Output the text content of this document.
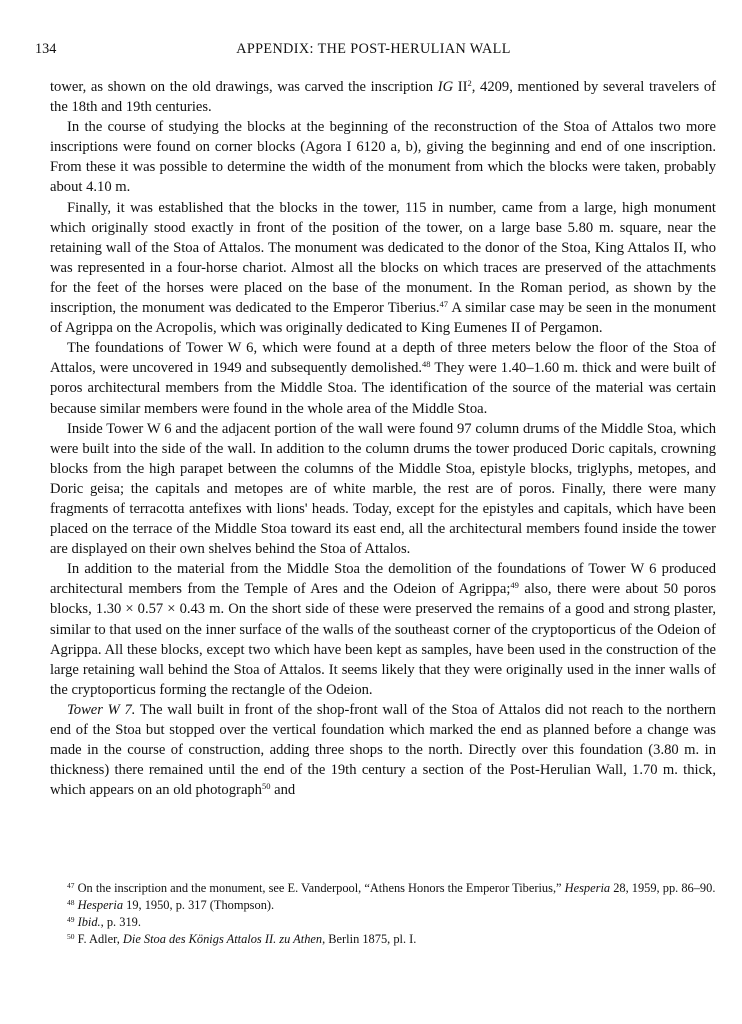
134	APPENDIX: THE POST-HERULIAN WALL

tower, as shown on the old drawings, was carved the inscription IG $II^2$, 4209, mentioned by several travelers of the 18th and 19th centuries.

In the course of studying the blocks at the beginning of the reconstruction of the Stoa of Attalos two more inscriptions were found on corner blocks (Agora I 6120 a, b), giving the beginning and end of one inscription. From these it was possible to determine the width of the monument from which the blocks were taken, probably about 4.10 m.

Finally, it was established that the blocks in the tower, 115 in number, came from a large, high monument which originally stood exactly in front of the position of the tower, on a large base 5.80 m. square, near the retaining wall of the Stoa of Attalos. The monument was dedicated to the donor of the Stoa, King Attalos II, who was represented in a four-horse chariot. Almost all the blocks on which traces are preserved of the attachments for the feet of the horses were placed on the base of the monument. In the Roman period, as shown by the inscription, the monument was dedicated to the Emperor Tiberius.$^{47}$ A similar case may be seen in the monument of Agrippa on the Acropolis, which was originally dedicated to King Eumenes II of Pergamon.

The foundations of Tower W 6, which were found at a depth of three meters below the floor of the Stoa of Attalos, were uncovered in 1949 and subsequently demolished.$^{48}$ They were 1.40–1.60 m. thick and were built of poros architectural members from the Middle Stoa. The identification of the source of the material was certain because similar members were found in the whole area of the Middle Stoa.

Inside Tower W 6 and the adjacent portion of the wall were found 97 column drums of the Middle Stoa, which were built into the side of the wall. In addition to the column drums the tower produced Doric capitals, crowning blocks from the high parapet between the columns of the Middle Stoa, epistyle blocks, triglyphs, metopes, and Doric geisa; the capitals and metopes are of white marble, the rest are of poros. Finally, there were many fragments of terracotta antefixes with lions' heads. Today, except for the epistyles and capitals, which have been placed on the terrace of the Middle Stoa toward its east end, all the architectural members found inside the tower are displayed on their own shelves behind the Stoa of Attalos.

In addition to the material from the Middle Stoa the demolition of the foundations of Tower W 6 produced architectural members from the Temple of Ares and the Odeion of Agrippa;$^{49}$ also, there were about 50 poros blocks, 1.30 × 0.57 × 0.43 m. On the short side of these were preserved the remains of a good and strong plaster, similar to that used on the inner surface of the walls of the southeast corner of the cryptoporticus of the Odeion of Agrippa. All these blocks, except two which have been kept as samples, have been used in the construction of the large retaining wall behind the Stoa of Attalos. It seems likely that they were originally used in the inner walls of the cryptoporticus forming the rectangle of the Odeion.

Tower W 7. The wall built in front of the shop-front wall of the Stoa of Attalos did not reach to the northern end of the Stoa but stopped over the vertical foundation which marked the end as planned before a change was made in the course of construction, adding three shops to the north. Directly over this foundation (3.80 m. in thickness) there remained until the end of the 19th century a section of the Post-Herulian Wall, 1.70 m. thick, which appears on an old photograph$^{50}$ and

$^{47}$ On the inscription and the monument, see E. Vanderpool, “Athens Honors the Emperor Tiberius,” Hesperia 28, 1959, pp. 86–90.

$^{48}$ Hesperia 19, 1950, p. 317 (Thompson).

$^{49}$ Ibid., p. 319.

$^{50}$ F. Adler, Die Stoa des Königs Attalos II. zu Athen, Berlin 1875, pl. I.
